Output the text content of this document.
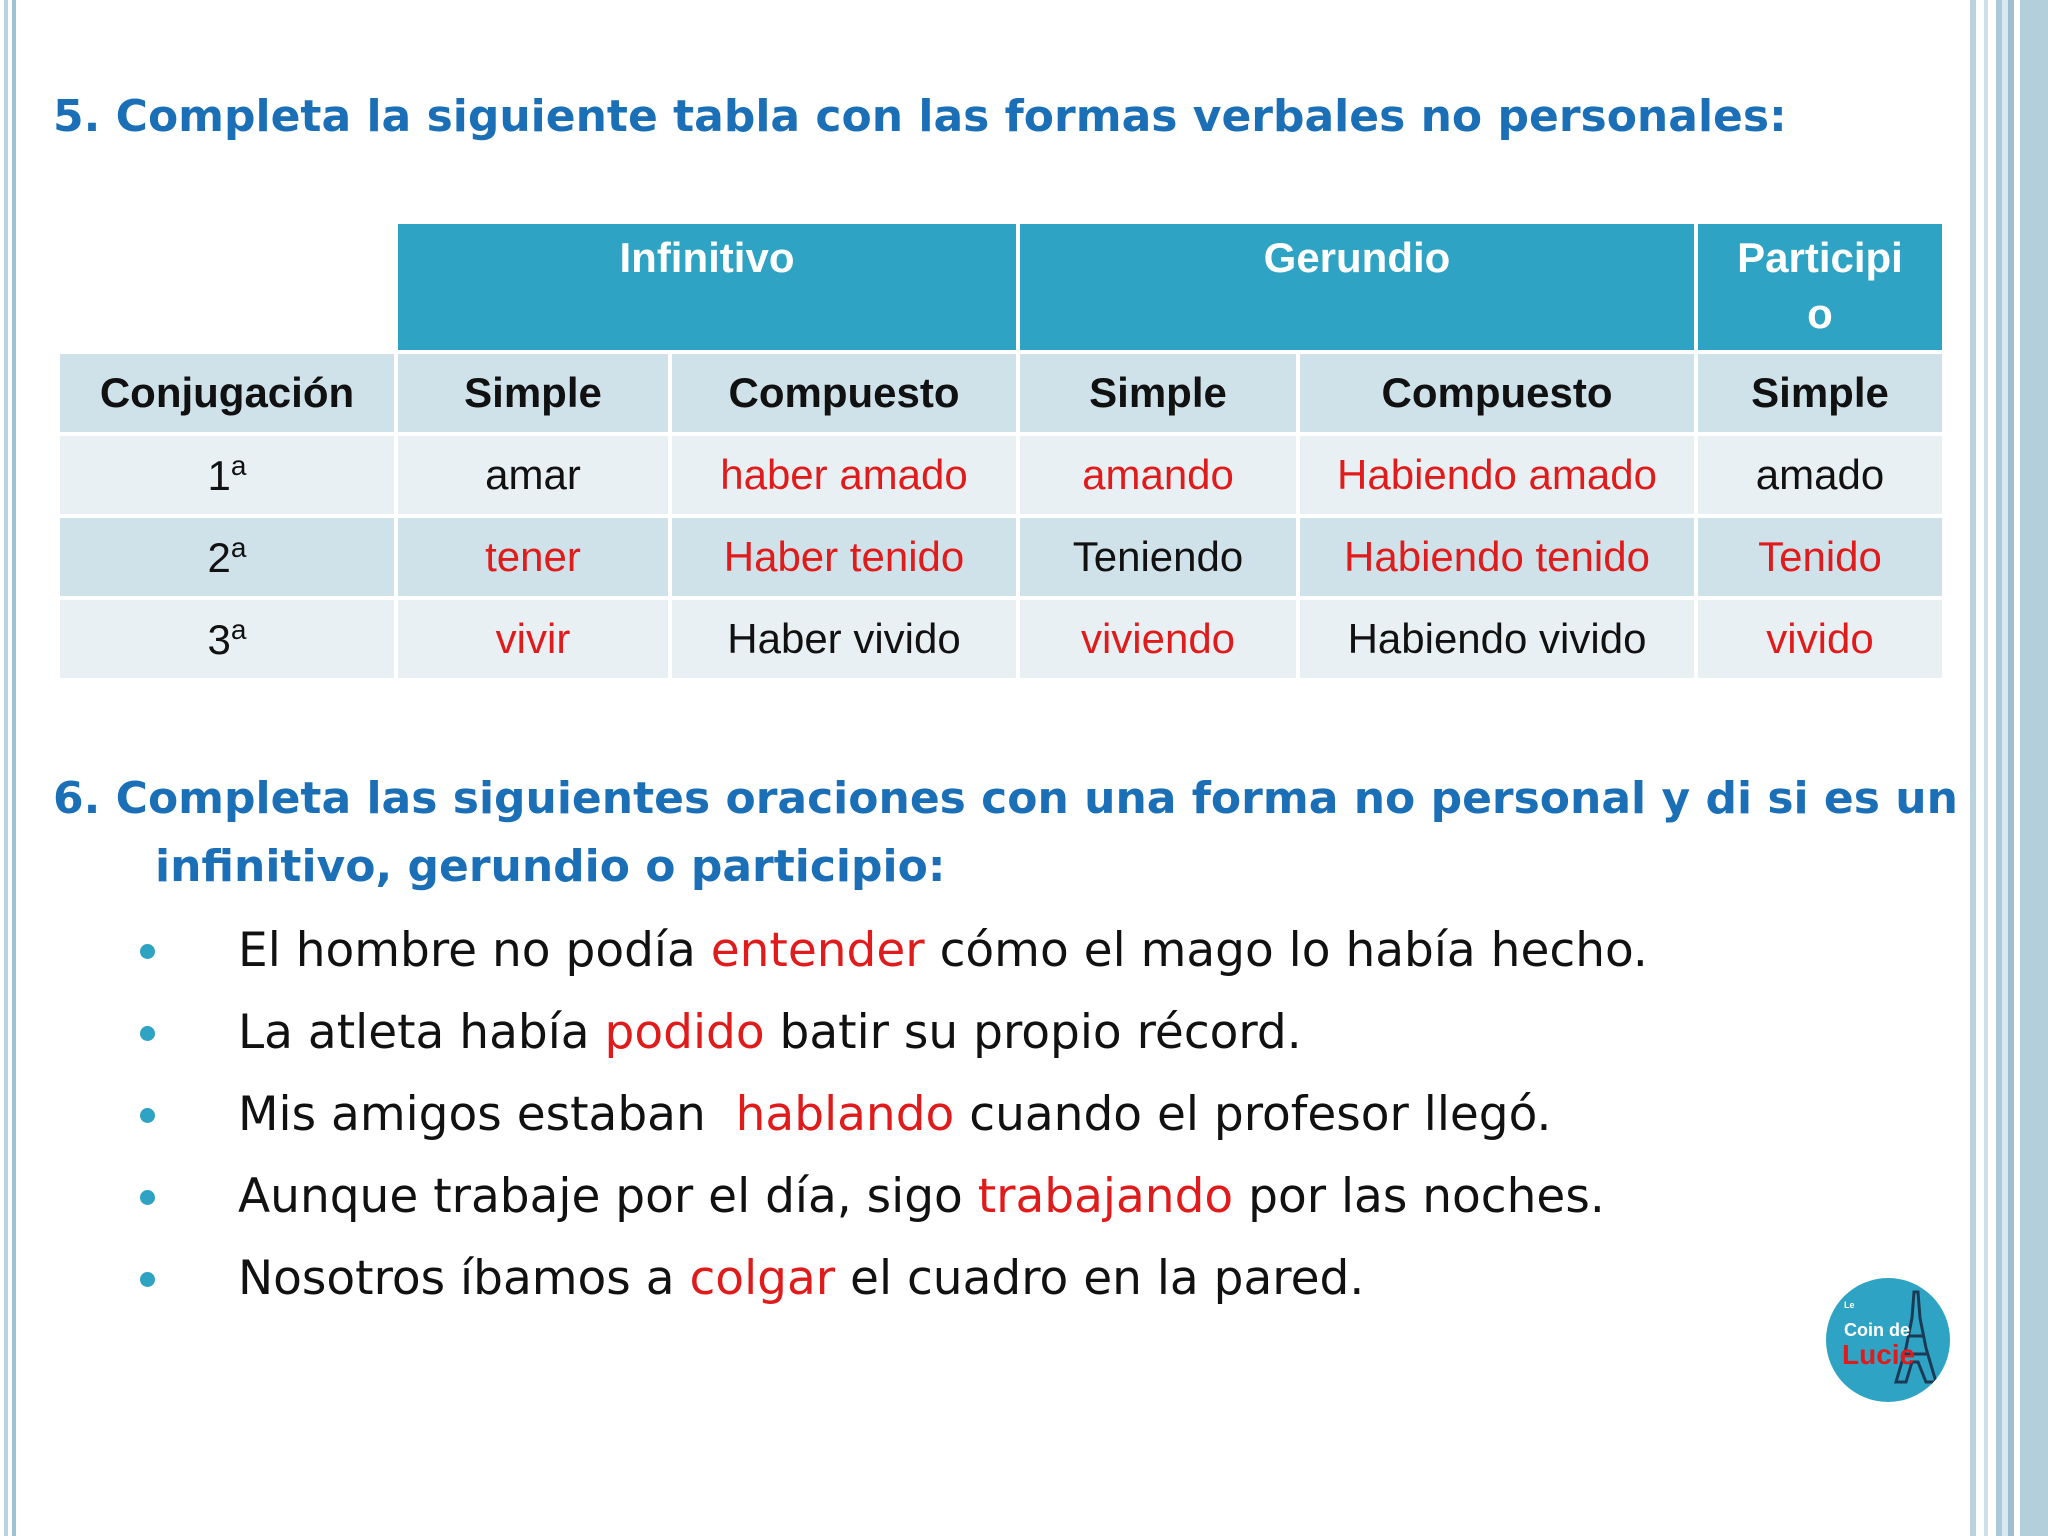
5. Completa la siguiente tabla con las formas verbales no personales:
	Infinitivo		Gerundio		Participi
o
Conjugación	Simple	Compuesto	Simple	Compuesto	Simple
1$^a$	amar	haber amado	amando	Habiendo amado	amado
2$^a$	tener	Haber tenido	Teniendo	Habiendo tenido	Tenido
3$^a$	vivir	Haber vivido	viviendo	Habiendo vivido	vivido
6. Completa las siguientes oraciones con una forma no personal y di si es un
infinitivo, gerundio o participio:
El hombre no podía entender cómo el mago lo había hecho.
La atleta había podido batir su propio récord.
Mis amigos estaban  hablando cuando el profesor llegó.
Aunque trabaje por el día, sigo trabajando por las noches.
Nosotros íbamos a colgar el cuadro en la pared.	Le
Coin de
Lucie
